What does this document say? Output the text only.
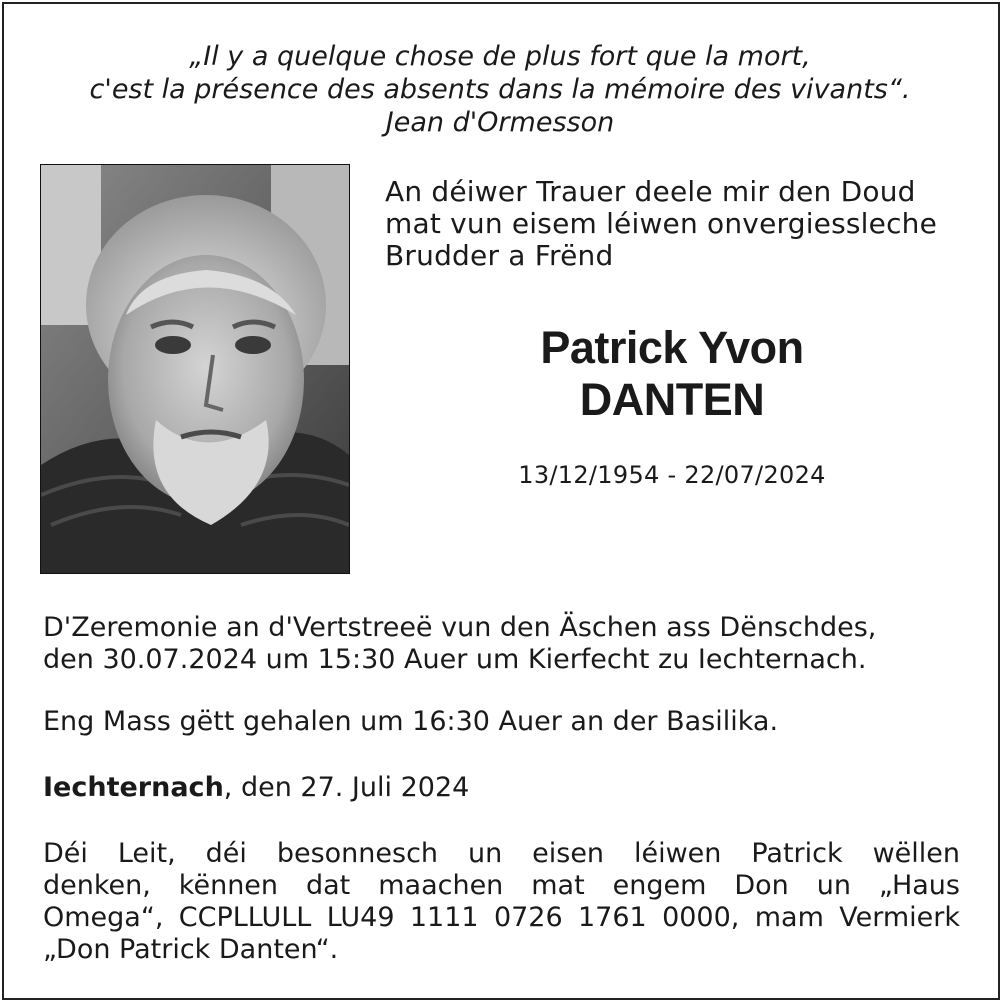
„Il y a quelque chose de plus fort que la mort,
c'est la présence des absents dans la mémoire des vivants“.
Jean d'Ormesson
An déiwer Trauer deele mir den Doud
mat vun eisem léiwen onvergiessleche
Brudder a Frënd
Patrick Yvon
DANTEN
13/12/1954 - 22/07/2024
D'Zeremonie an d'Vertstreeë vun den Äschen ass Dënschdes,
den 30.07.2024 um 15:30 Auer um Kierfecht zu Iechternach.
Eng Mass gëtt gehalen um 16:30 Auer an der Basilika.
Iechternach, den 27. Juli 2024
Déi Leit, déi besonnesch un eisen léiwen Patrick wëllen
denken, kënnen dat maachen mat engem Don un „Haus
Omega“, CCPLLULL LU49 1111 0726 1761 0000, mam Vermierk
„Don Patrick Danten“.
